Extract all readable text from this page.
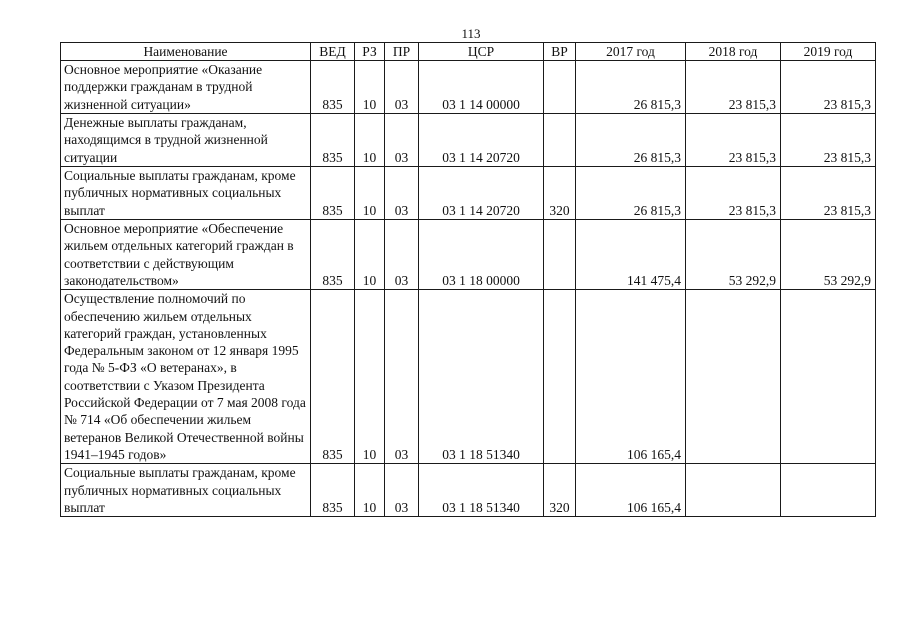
113
Наименование	ВЕД	РЗ	ПР	ЦСР	ВР	2017 год	2018 год	2019 год
Основное мероприятие «Оказание поддержки гражданам в трудной жизненной ситуации»	835	10	03	03 1 14 00000		26 815,3	23 815,3	23 815,3
Денежные выплаты гражданам, находящимся в трудной жизненной ситуации	835	10	03	03 1 14 20720		26 815,3	23 815,3	23 815,3
Социальные выплаты гражданам, кроме публичных нормативных социальных выплат	835	10	03	03 1 14 20720	320	26 815,3	23 815,3	23 815,3
Основное мероприятие «Обеспечение жильем отдельных категорий граждан в соответствии с действующим законодательством»	835	10	03	03 1 18 00000		141 475,4	53 292,9	53 292,9
Осуществление полномочий по обеспечению жильем отдельных категорий граждан, установленных Федеральным законом от 12 января 1995 года № 5-ФЗ «О ветеранах», в соответствии с Указом Президента Российской Федерации от 7 мая 2008 года № 714 «Об обеспечении жильем ветеранов Великой Отечественной войны 1941–1945 годов»	835	10	03	03 1 18 51340		106 165,4		
Социальные выплаты гражданам, кроме публичных нормативных социальных выплат	835	10	03	03 1 18 51340	320	106 165,4		
